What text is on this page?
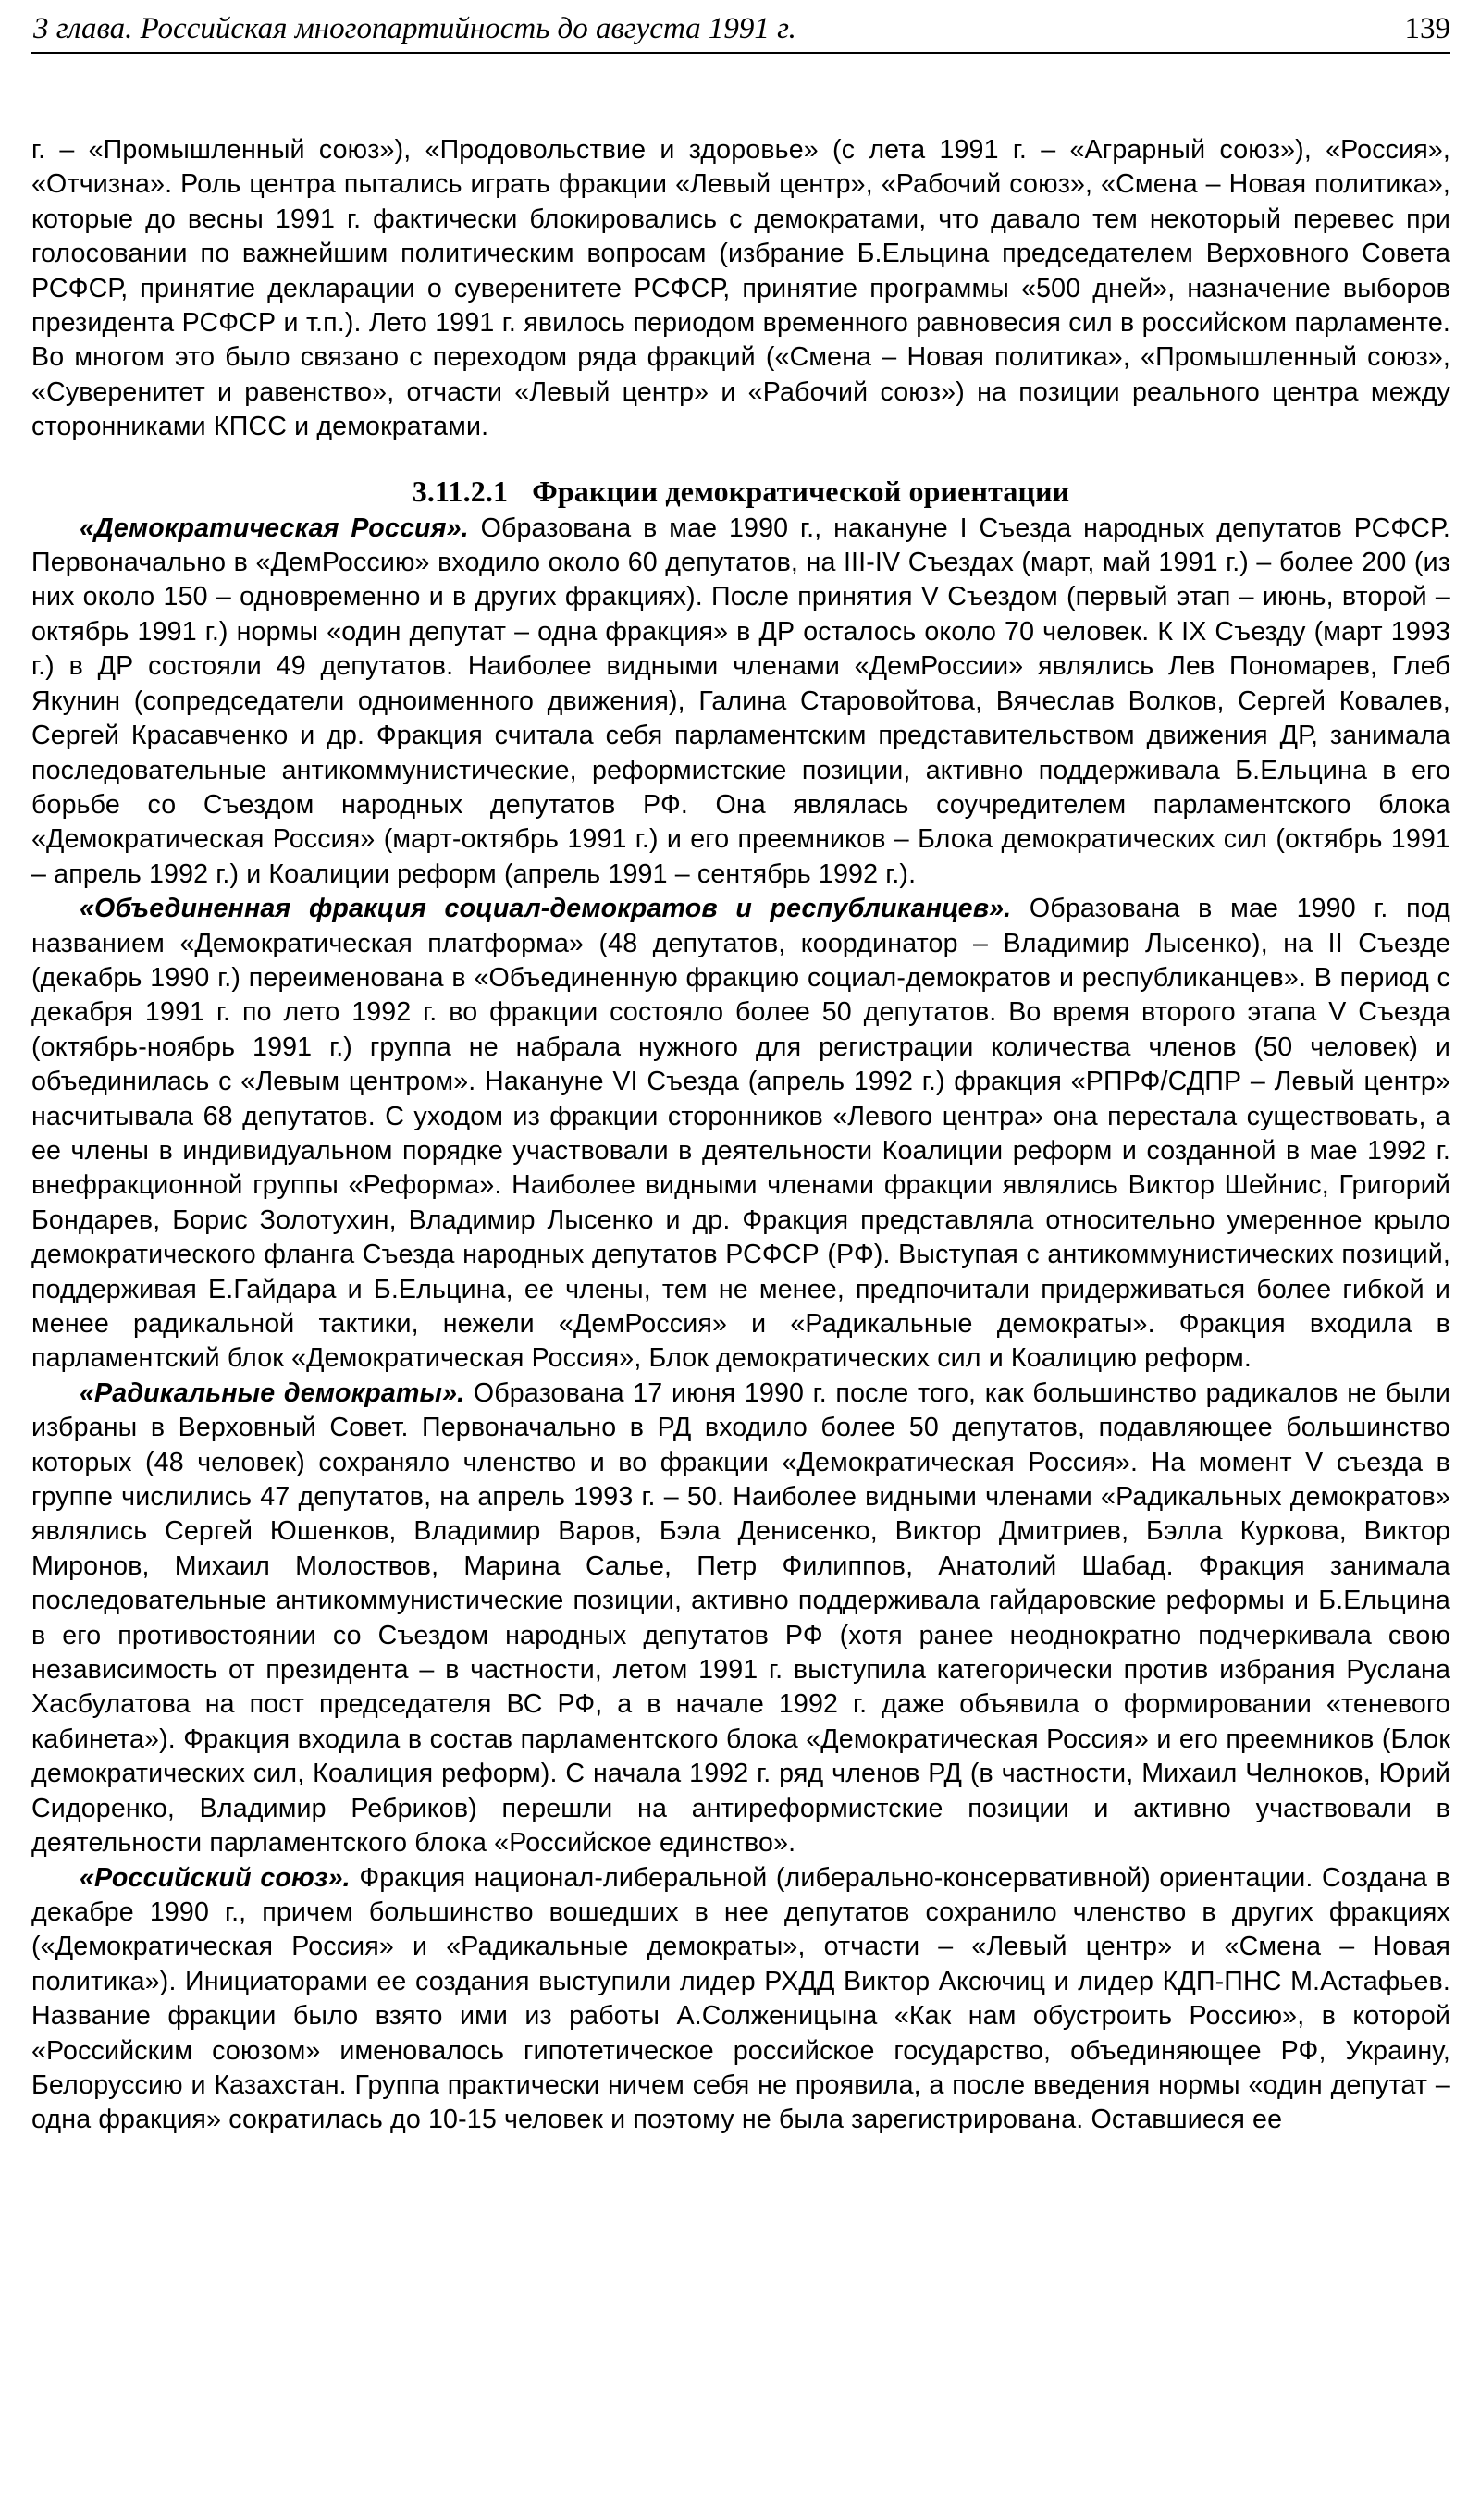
3 глава. Российская многопартийность до августа 1991 г.	139

г. – «Промышленный союз»), «Продовольствие и здоровье» (с лета 1991 г. – «Аграрный союз»), «Россия», «Отчизна». Роль центра пытались играть фракции «Левый центр», «Рабочий союз», «Смена – Новая политика», которые до весны 1991 г. фактически блокировались с демократами, что давало тем некоторый перевес при голосовании по важнейшим политическим вопросам (избрание Б.Ельцина председателем Верховного Совета РСФСР, принятие декларации о суверенитете РСФСР, принятие программы «500 дней», назначение выборов президента РСФСР и т.п.). Лето 1991 г. явилось периодом временного равновесия сил в российском парламенте. Во многом это было связано с переходом ряда фракций («Смена – Новая политика», «Промышленный союз», «Суверенитет и равенство», отчасти «Левый центр» и «Рабочий союз») на позиции реального центра между сторонниками КПСС и демократами.

3.11.2.1 Фракции демократической ориентации

«Демократическая Россия». Образована в мае 1990 г., накануне I Съезда народных депутатов РСФСР. Первоначально в «ДемРоссию» входило около 60 депутатов, на III-IV Съездах (март, май 1991 г.) – более 200 (из них около 150 – одновременно и в других фракциях). После принятия V Съездом (первый этап – июнь, второй – октябрь 1991 г.) нормы «один депутат – одна фракция» в ДР осталось около 70 человек. К IX Съезду (март 1993 г.) в ДР состояли 49 депутатов. Наиболее видными членами «ДемРоссии» являлись Лев Пономарев, Глеб Якунин (сопредседатели одноименного движения), Галина Старовойтова, Вячеслав Волков, Сергей Ковалев, Сергей Красавченко и др. Фракция считала себя парламентским представительством движения ДР, занимала последовательные антикоммунистические, реформистские позиции, активно поддерживала Б.Ельцина в его борьбе со Съездом народных депутатов РФ. Она являлась соучредителем парламентского блока «Демократическая Россия» (март-октябрь 1991 г.) и его преемников – Блока демократических сил (октябрь 1991 – апрель 1992 г.) и Коалиции реформ (апрель 1991 – сентябрь 1992 г.).

«Объединенная фракция социал-демократов и республиканцев». Образована в мае 1990 г. под названием «Демократическая платформа» (48 депутатов, координатор – Владимир Лысенко), на II Съезде (декабрь 1990 г.) переименована в «Объединенную фракцию социал-демократов и республиканцев». В период с декабря 1991 г. по лето 1992 г. во фракции состояло более 50 депутатов. Во время второго этапа V Съезда (октябрь-ноябрь 1991 г.) группа не набрала нужного для регистрации количества членов (50 человек) и объединилась с «Левым центром». Накануне VI Съезда (апрель 1992 г.) фракция «РПРФ/СДПР – Левый центр» насчитывала 68 депутатов. С уходом из фракции сторонников «Левого центра» она перестала существовать, а ее члены в индивидуальном порядке участвовали в деятельности Коалиции реформ и созданной в мае 1992 г. внефракционной группы «Реформа». Наиболее видными членами фракции являлись Виктор Шейнис, Григорий Бондарев, Борис Золотухин, Владимир Лысенко и др. Фракция представляла относительно умеренное крыло демократического фланга Съезда народных депутатов РСФСР (РФ). Выступая с антикоммунистических позиций, поддерживая Е.Гайдара и Б.Ельцина, ее члены, тем не менее, предпочитали придерживаться более гибкой и менее радикальной тактики, нежели «ДемРоссия» и «Радикальные демократы». Фракция входила в парламентский блок «Демократическая Россия», Блок демократических сил и Коалицию реформ.

«Радикальные демократы». Образована 17 июня 1990 г. после того, как большинство радикалов не были избраны в Верховный Совет. Первоначально в РД входило более 50 депутатов, подавляющее большинство которых (48 человек) сохраняло членство и во фракции «Демократическая Россия». На момент V съезда в группе числились 47 депутатов, на апрель 1993 г. – 50. Наиболее видными членами «Радикальных демократов» являлись Сергей Юшенков, Владимир Варов, Бэла Денисенко, Виктор Дмитриев, Бэлла Куркова, Виктор Миронов, Михаил Молоствов, Марина Салье, Петр Филиппов, Анатолий Шабад. Фракция занимала последовательные антикоммунистические позиции, активно поддерживала гайдаровские реформы и Б.Ельцина в его противостоянии со Съездом народных депутатов РФ (хотя ранее неоднократно подчеркивала свою независимость от президента – в частности, летом 1991 г. выступила категорически против избрания Руслана Хасбулатова на пост председателя ВС РФ, а в начале 1992 г. даже объявила о формировании «теневого кабинета»). Фракция входила в состав парламентского блока «Демократическая Россия» и его преемников (Блок демократических сил, Коалиция реформ). С начала 1992 г. ряд членов РД (в частности, Михаил Челноков, Юрий Сидоренко, Владимир Ребриков) перешли на антиреформистские позиции и активно участвовали в деятельности парламентского блока «Российское единство».

«Российский союз». Фракция национал-либеральной (либерально-консервативной) ориентации. Создана в декабре 1990 г., причем большинство вошедших в нее депутатов сохранило членство в других фракциях («Демократическая Россия» и «Радикальные демократы», отчасти – «Левый центр» и «Смена – Новая политика»). Инициаторами ее создания выступили лидер РХДД Виктор Аксючиц и лидер КДП-ПНС М.Астафьев. Название фракции было взято ими из работы А.Солженицына «Как нам обустроить Россию», в которой «Российским союзом» именовалось гипотетическое российское государство, объединяющее РФ, Украину, Белоруссию и Казахстан. Группа практически ничем себя не проявила, а после введения нормы «один депутат – одна фракция» сократилась до 10-15 человек и поэтому не была зарегистрирована. Оставшиеся ее
